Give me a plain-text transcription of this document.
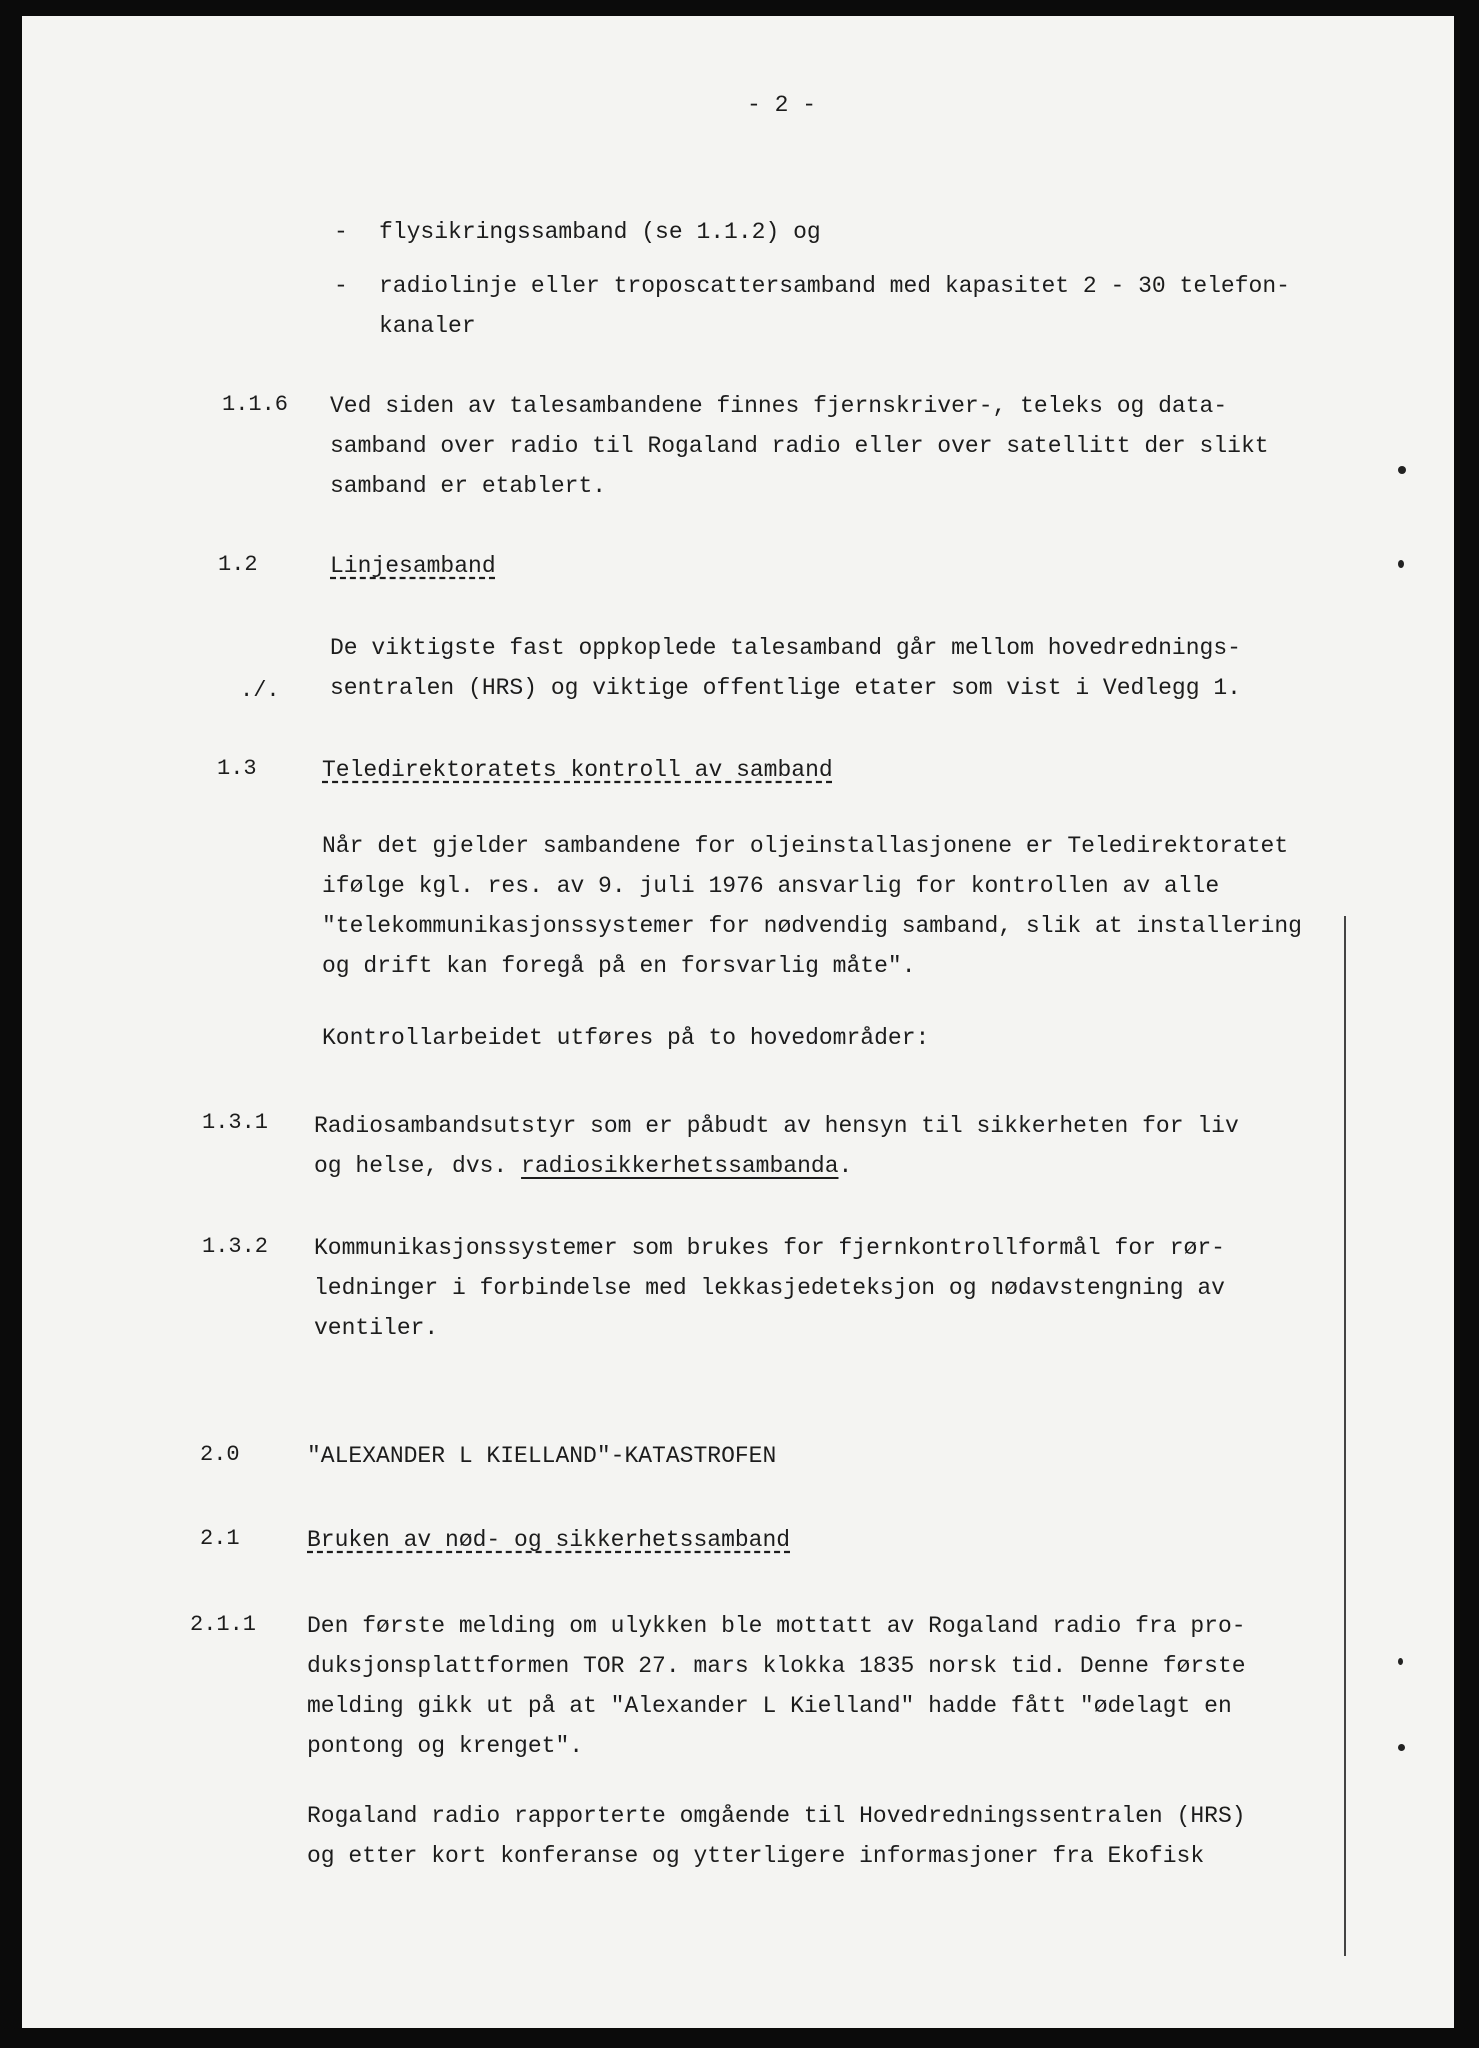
- 2 -
- flysikringssamband (se 1.1.2) og
- radiolinje eller troposcattersamband med kapasitet 2 - 30 telefon-
kanaler
1.1.6 Ved siden av talesambandene finnes fjernskriver-, teleks og data-
samband over radio til Rogaland radio eller over satellitt der slikt
samband er etablert.
1.2	Linjesamband
De viktigste fast oppkoplede talesamband går mellom hovedrednings-
sentralen (HRS) og viktige offentlige etater som vist i Vedlegg 1.
./.
1.3	Teledirektoratets kontroll av samband
Når det gjelder sambandene for oljeinstallasjonene er Teledirektoratet
ifølge kgl. res. av 9. juli 1976 ansvarlig for kontrollen av alle
"telekommunikasjonssystemer for nødvendig samband, slik at installering
og drift kan foregå på en forsvarlig måte".
Kontrollarbeidet utføres på to hovedområder:
1.3.1 Radiosambandsutstyr som er påbudt av hensyn til sikkerheten for liv
og helse, dvs. radiosikkerhetssambanda.
1.3.2 Kommunikasjonssystemer som brukes for fjernkontrollformål for rør-
ledninger i forbindelse med lekkasjedeteksjon og nødavstengning av
ventiler.
2.0	"ALEXANDER L KIELLAND"-KATASTROFEN
2.1	Bruken av nød- og sikkerhetssamband
2.1.1 Den første melding om ulykken ble mottatt av Rogaland radio fra pro-
duksjonsplattformen TOR 27. mars klokka 1835 norsk tid. Denne første
melding gikk ut på at "Alexander L Kielland" hadde fått "ødelagt en
pontong og krenget".
Rogaland radio rapporterte omgående til Hovedredningssentralen (HRS)
og etter kort konferanse og ytterligere informasjoner fra Ekofisk
